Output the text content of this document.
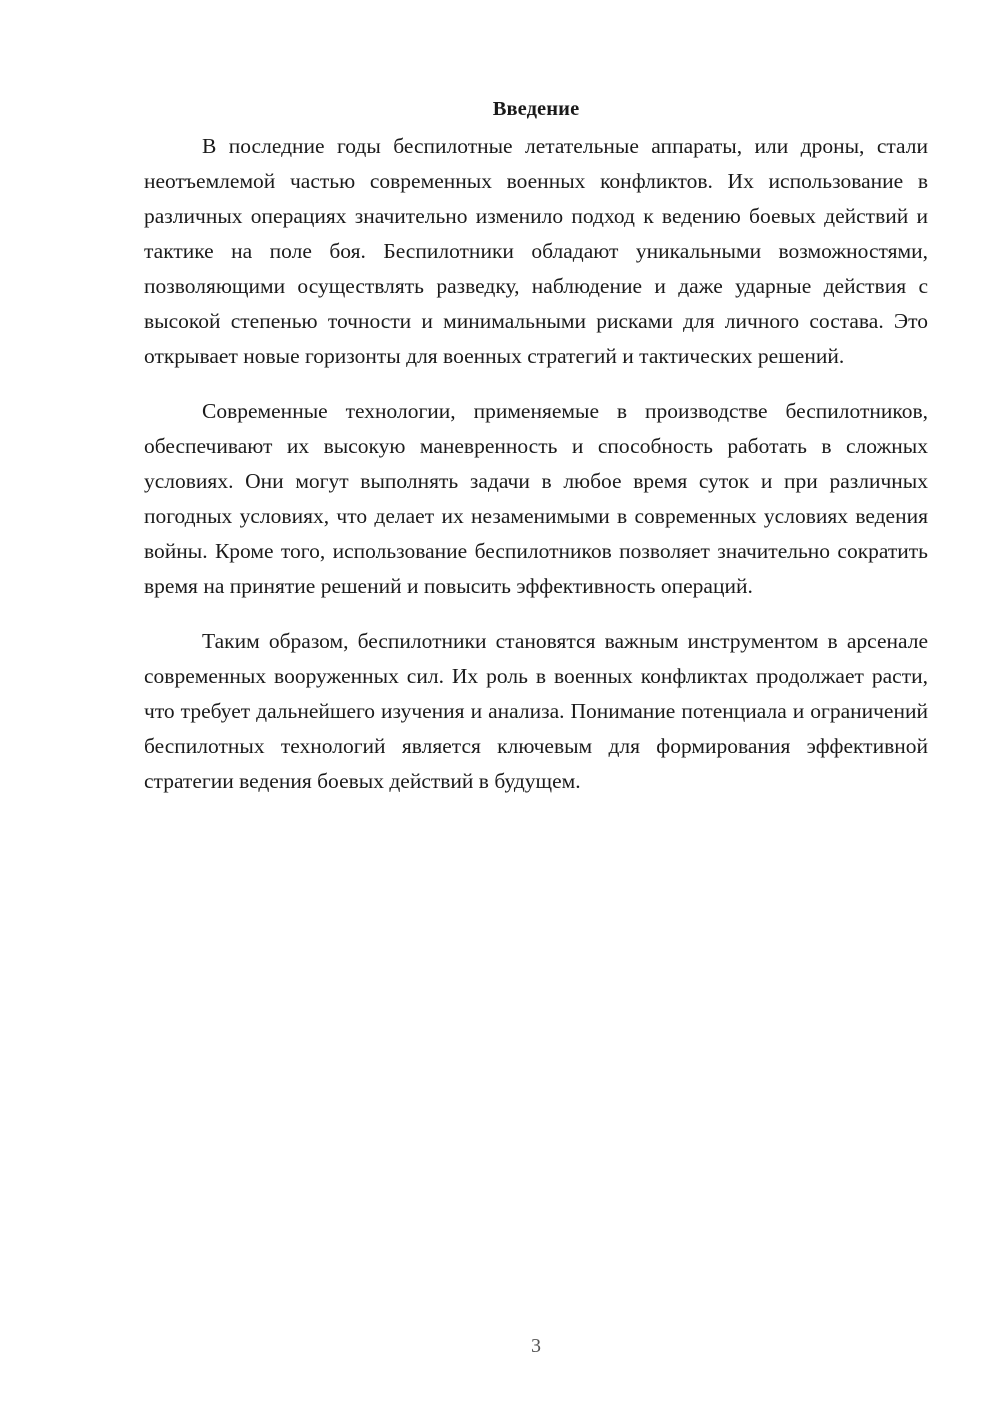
Введение

В последние годы беспилотные летательные аппараты, или дроны, стали неотъемлемой частью современных военных конфликтов. Их использование в различных операциях значительно изменило подход к ведению боевых действий и тактике на поле боя. Беспилотники обладают уникальными возможностями, позволяющими осуществлять разведку, наблюдение и даже ударные действия с высокой степенью точности и минимальными рисками для личного состава. Это открывает новые горизонты для военных стратегий и тактических решений.

Современные технологии, применяемые в производстве беспилотников, обеспечивают их высокую маневренность и способность работать в сложных условиях. Они могут выполнять задачи в любое время суток и при различных погодных условиях, что делает их незаменимыми в современных условиях ведения войны. Кроме того, использование беспилотников позволяет значительно сократить время на принятие решений и повысить эффективность операций.

Таким образом, беспилотники становятся важным инструментом в арсенале современных вооруженных сил. Их роль в военных конфликтах продолжает расти, что требует дальнейшего изучения и анализа. Понимание потенциала и ограничений беспилотных технологий является ключевым для формирования эффективной стратегии ведения боевых действий в будущем.

3
